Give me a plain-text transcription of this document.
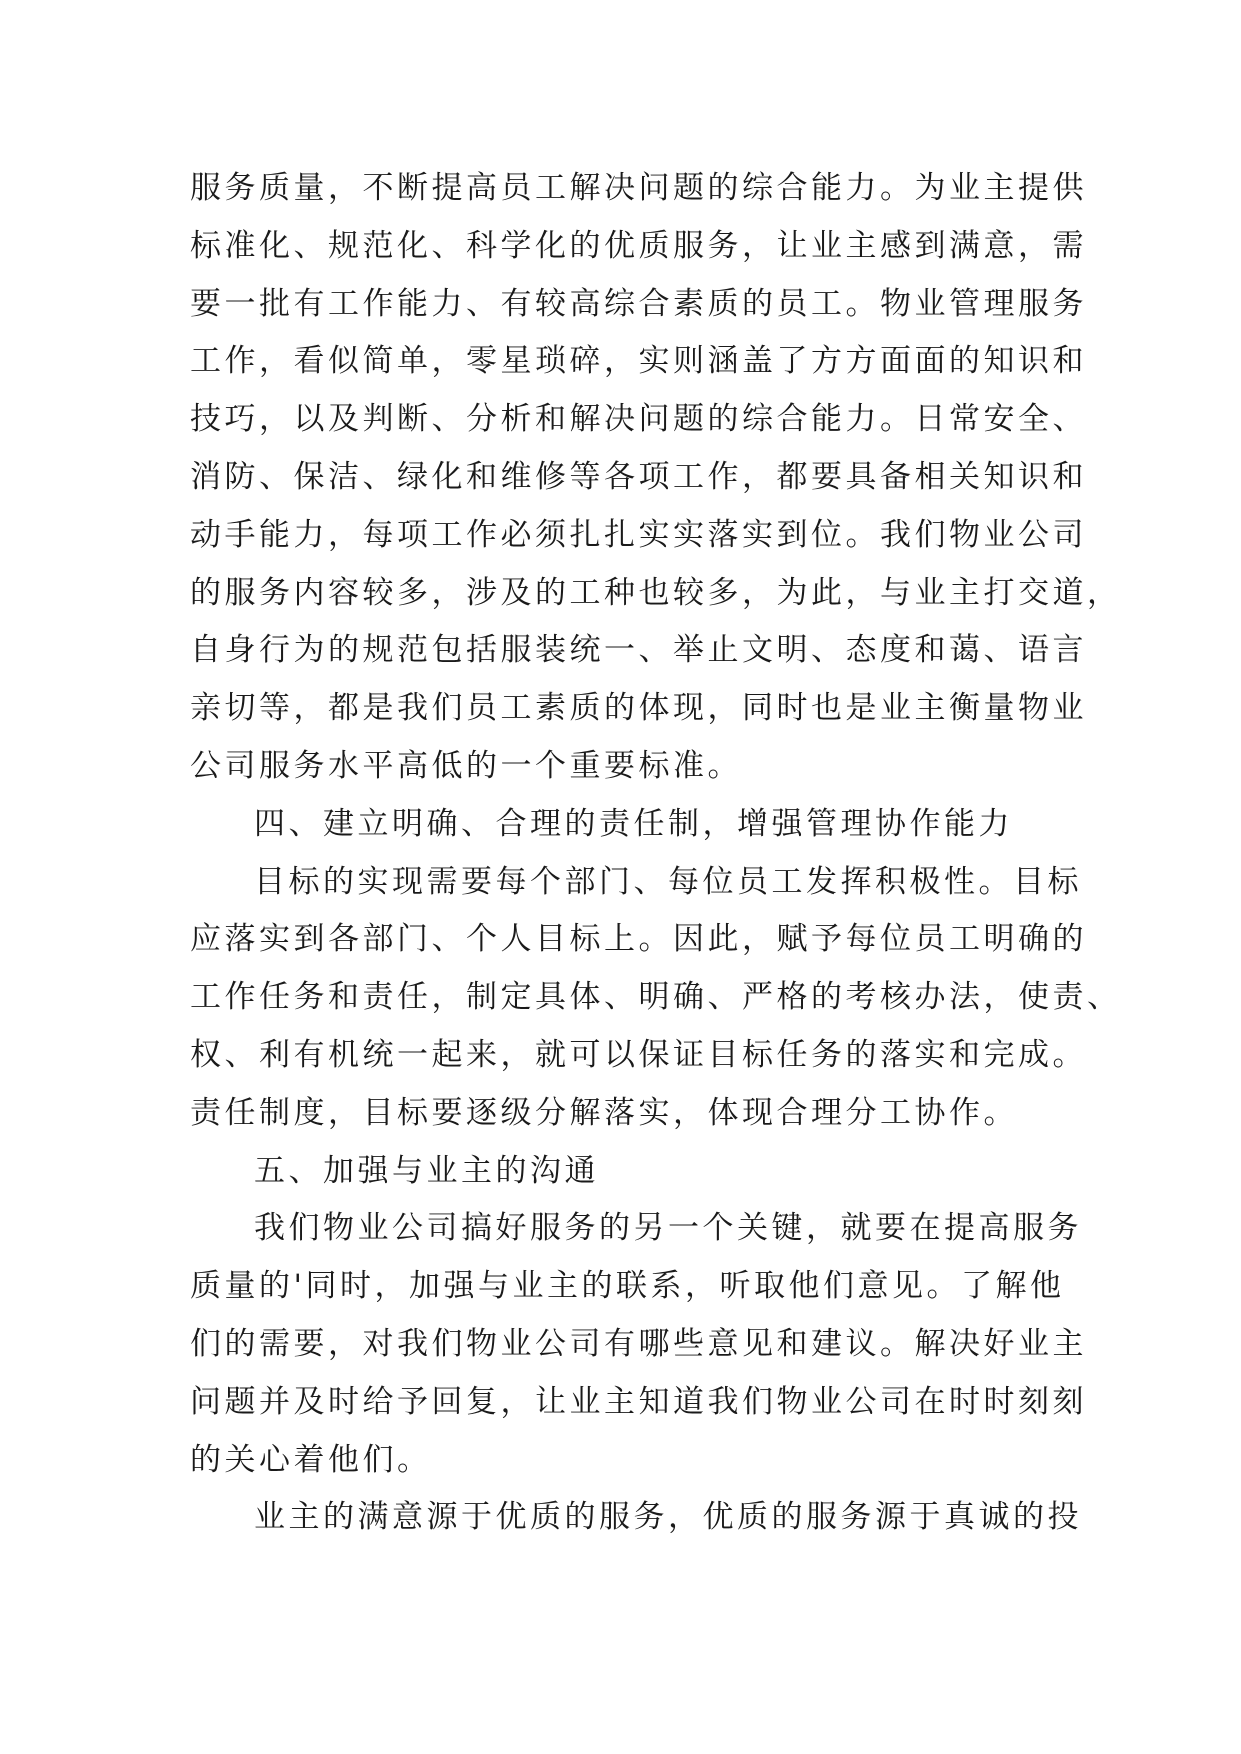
服务质量，不断提高员工解决问题的综合能力。为业主提供
标准化、规范化、科学化的优质服务，让业主感到满意，需
要一批有工作能力、有较高综合素质的员工。物业管理服务
工作，看似简单，零星琐碎，实则涵盖了方方面面的知识和
技巧，以及判断、分析和解决问题的综合能力。日常安全、
消防、保洁、绿化和维修等各项工作，都要具备相关知识和
动手能力，每项工作必须扎扎实实落实到位。我们物业公司
的服务内容较多，涉及的工种也较多，为此，与业主打交道，
自身行为的规范包括服装统一、举止文明、态度和蔼、语言
亲切等，都是我们员工素质的体现，同时也是业主衡量物业
公司服务水平高低的一个重要标准。
四、建立明确、合理的责任制，增强管理协作能力
目标的实现需要每个部门、每位员工发挥积极性。目标
应落实到各部门、个人目标上。因此，赋予每位员工明确的
工作任务和责任，制定具体、明确、严格的考核办法，使责、
权、利有机统一起来，就可以保证目标任务的落实和完成。
责任制度，目标要逐级分解落实，体现合理分工协作。
五、加强与业主的沟通
我们物业公司搞好服务的另一个关键，就要在提高服务
质量的'同时，加强与业主的联系，听取他们意见。了解他
们的需要，对我们物业公司有哪些意见和建议。解决好业主
问题并及时给予回复，让业主知道我们物业公司在时时刻刻
的关心着他们。
业主的满意源于优质的服务，优质的服务源于真诚的投
